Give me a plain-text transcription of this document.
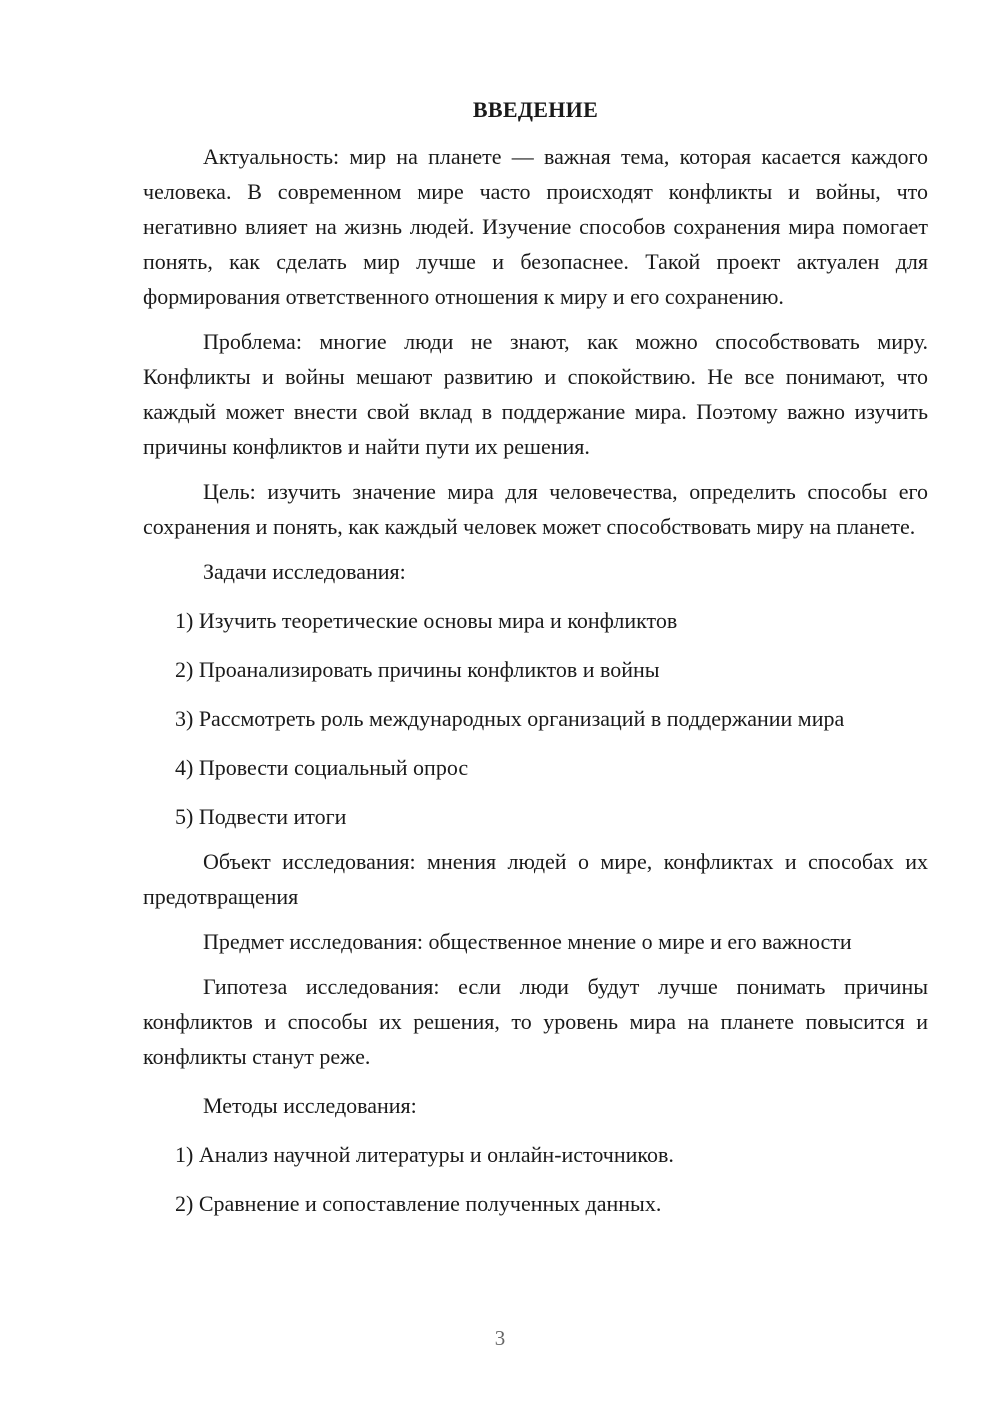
ВВЕДЕНИЕ

Актуальность: мир на планете — важная тема, которая касается каждого человека. В современном мире часто происходят конфликты и войны, что негативно влияет на жизнь людей. Изучение способов сохранения мира помогает понять, как сделать мир лучше и безопаснее. Такой проект актуален для формирования ответственного отношения к миру и его сохранению.

Проблема: многие люди не знают, как можно способствовать миру. Конфликты и войны мешают развитию и спокойствию. Не все понимают, что каждый может внести свой вклад в поддержание мира. Поэтому важно изучить причины конфликтов и найти пути их решения.

Цель: изучить значение мира для человечества, определить способы его сохранения и понять, как каждый человек может способствовать миру на планете.

Задачи исследования:

1) Изучить теоретические основы мира и конфликтов

2) Проанализировать причины конфликтов и войны

3) Рассмотреть роль международных организаций в поддержании мира

4) Провести социальный опрос

5) Подвести итоги

Объект исследования: мнения людей о мире, конфликтах и способах их предотвращения

Предмет исследования: общественное мнение о мире и его важности

Гипотеза исследования: если люди будут лучше понимать причины конфликтов и способы их решения, то уровень мира на планете повысится и конфликты станут реже.

Методы исследования:

1) Анализ научной литературы и онлайн-источников.

2) Сравнение и сопоставление полученных данных.

3
